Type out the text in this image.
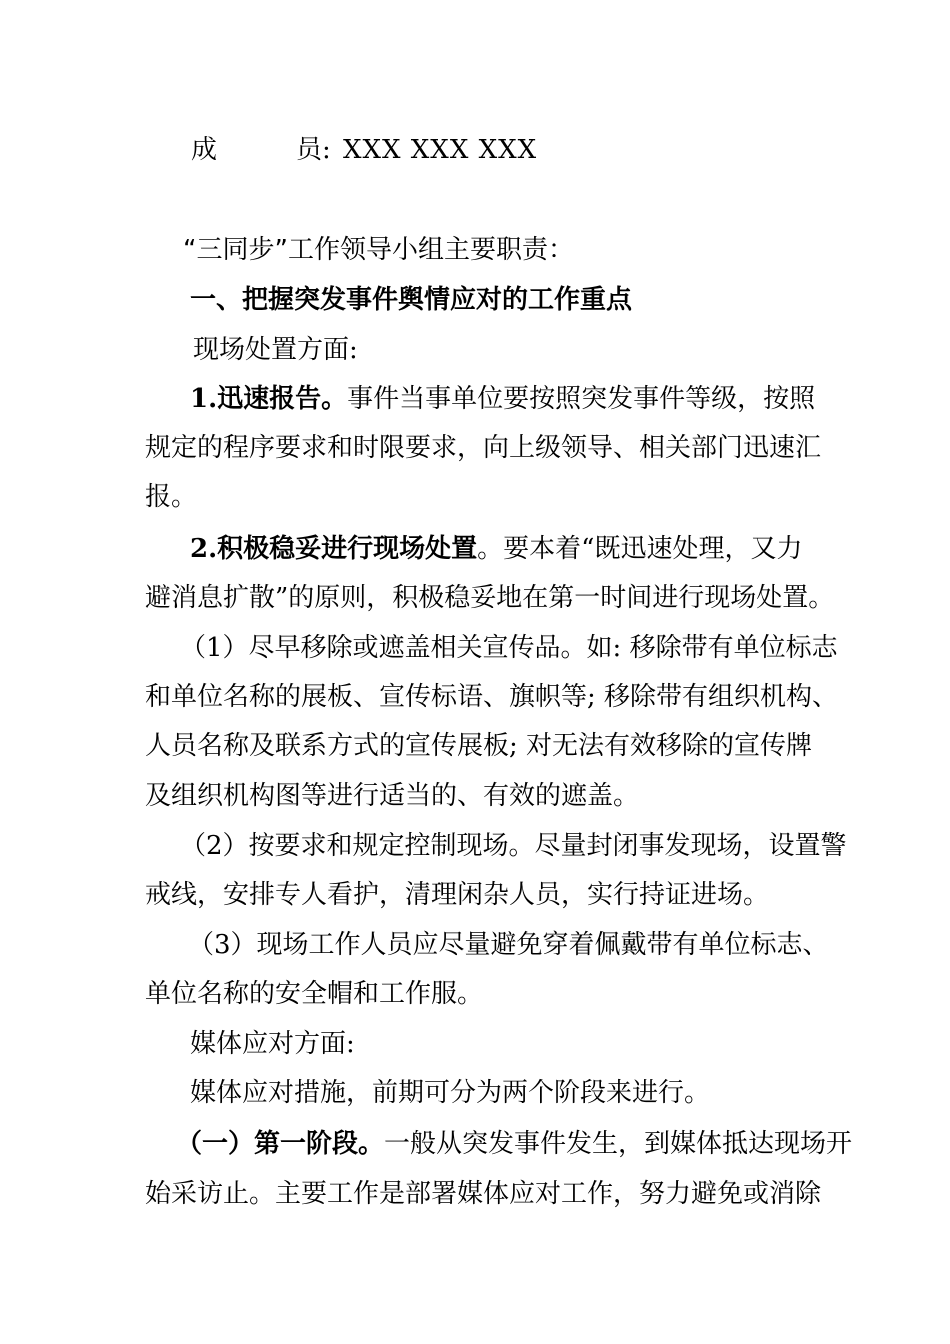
成	员: XXX XXX XXX
“三同步”工作领导小组主要职责：
一、把握突发事件舆情应对的工作重点
现场处置方面:
1.迅速报告。事件当事单位要按照突发事件等级，按照
规定的程序要求和时限要求，向上级领导、相关部门迅速汇
报。
2.积极稳妥进行现场处置。要本着“既迅速处理，又力
避消息扩散”的原则，积极稳妥地在第一时间进行现场处置。
（1）尽早移除或遮盖相关宣传品。如: 移除带有单位标志
和单位名称的展板、宣传标语、旗帜等; 移除带有组织机构、
人员名称及联系方式的宣传展板; 对无法有效移除的宣传牌
及组织机构图等进行适当的、有效的遮盖。
（2）按要求和规定控制现场。尽量封闭事发现场，设置警
戒线，安排专人看护，清理闲杂人员，实行持证进场。
（3）现场工作人员应尽量避免穿着佩戴带有单位标志、
单位名称的安全帽和工作服。
媒体应对方面:
媒体应对措施，前期可分为两个阶段来进行。
（一）第一阶段。一般从突发事件发生，到媒体抵达现场开
始采访止。主要工作是部署媒体应对工作，努力避免或消除
